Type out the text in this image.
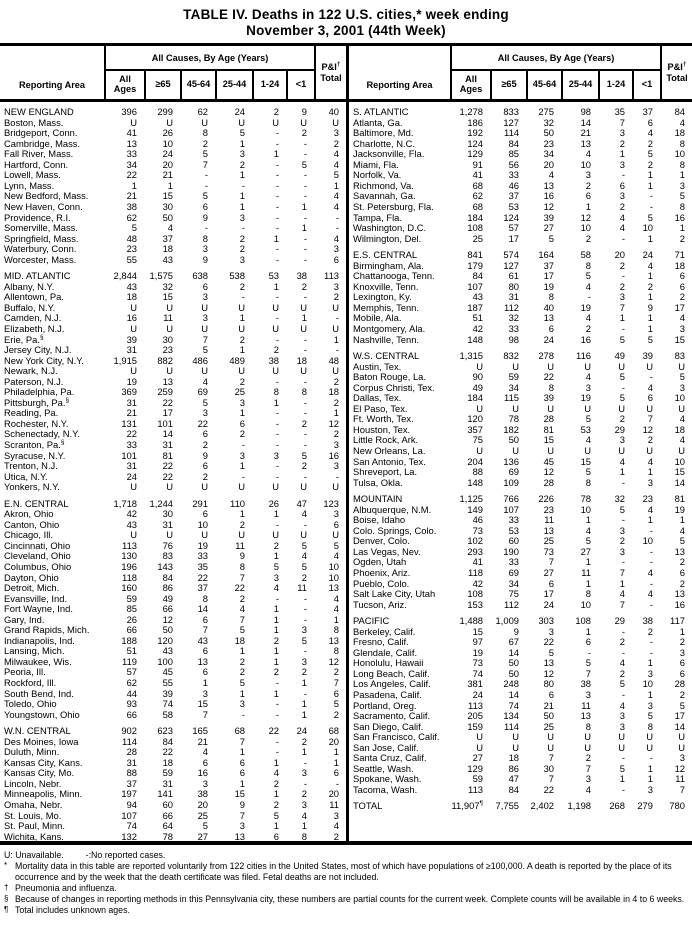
TABLE IV. Deaths in 122 U.S. cities,* week ending
November 3, 2001 (44th Week)
Reporting Area
All Causes, By Age (Years)
All Ages	≥65	45-64	25-44	1-24	<1
P&I†
Total
NEW ENGLAND	396	299	62	24	2	9	40
Boston, Mass.	U	U	U	U	U	U	U
Bridgeport, Conn.	41	26	8	5	-	2	3
Cambridge, Mass.	13	10	2	1	-	-	2
Fall River, Mass.	33	24	5	3	1	-	4
Hartford, Conn.	34	20	7	2	-	5	4
Lowell, Mass.	22	21	-	1	-	-	5
Lynn, Mass.	1	1	-	-	-	-	1
New Bedford, Mass.	21	15	5	1	-	-	4
New Haven, Conn.	38	30	6	1	-	1	4
Providence, R.I.	62	50	9	3	-	-	-
Somerville, Mass.	5	4	-	-	-	1	-
Springfield, Mass.	48	37	8	2	1	-	4
Waterbury, Conn.	23	18	3	2	-	-	3
Worcester, Mass.	55	43	9	3	-	-	6
MID. ATLANTIC	2,844	1,575	638	538	53	38	113
Albany, N.Y.	43	32	6	2	1	2	3
Allentown, Pa.	18	15	3	-	-	-	2
Buffalo, N.Y.	U	U	U	U	U	U	U
Camden, N.J.	16	11	3	1	-	1	-
Elizabeth, N.J.	U	U	U	U	U	U	U
Erie, Pa.§	39	30	7	2	-	-	1
Jersey City, N.J.	31	23	5	1	2	-	-
New York City, N.Y.	1,915	882	486	489	38	18	48
Newark, N.J.	U	U	U	U	U	U	U
Paterson, N.J.	19	13	4	2	-	-	2
Philadelphia, Pa.	369	259	69	25	8	8	18
Pittsburgh, Pa.§	31	22	5	3	1	-	2
Reading, Pa.	21	17	3	1	-	-	1
Rochester, N.Y.	131	101	22	6	-	2	12
Schenectady, N.Y.	22	14	6	2	-	-	2
Scranton, Pa.§	33	31	2	-	-	-	3
Syracuse, N.Y.	101	81	9	3	3	5	16
Trenton, N.J.	31	22	6	1	-	2	3
Utica, N.Y.	24	22	2	-	-	-	-
Yonkers, N.Y.	U	U	U	U	U	U	U
E.N. CENTRAL	1,718	1,244	291	110	26	47	123
Akron, Ohio	42	30	6	1	1	4	3
Canton, Ohio	43	31	10	2	-	-	6
Chicago, Ill.	U	U	U	U	U	U	U
Cincinnati, Ohio	113	76	19	11	2	5	5
Cleveland, Ohio	130	83	33	9	1	4	4
Columbus, Ohio	196	143	35	8	5	5	10
Dayton, Ohio	118	84	22	7	3	2	10
Detroit, Mich.	160	86	37	22	4	11	13
Evansville, Ind.	59	49	8	2	-	-	4
Fort Wayne, Ind.	85	66	14	4	1	-	4
Gary, Ind.	26	12	6	7	1	-	1
Grand Rapids, Mich.	66	50	7	5	1	3	8
Indianapolis, Ind.	188	120	43	18	2	5	13
Lansing, Mich.	51	43	6	1	1	-	8
Milwaukee, Wis.	119	100	13	2	1	3	12
Peoria, Ill.	57	45	6	2	2	2	2
Rockford, Ill.	62	55	1	5	-	1	7
South Bend, Ind.	44	39	3	1	1	-	6
Toledo, Ohio	93	74	15	3	-	1	5
Youngstown, Ohio	66	58	7	-	-	1	2
W.N. CENTRAL	902	623	165	68	22	24	68
Des Moines, Iowa	114	84	21	7	-	2	20
Duluth, Minn.	28	22	4	1	-	1	1
Kansas City, Kans.	31	18	6	6	1	-	1
Kansas City, Mo.	88	59	16	6	4	3	6
Lincoln, Nebr.	37	31	3	1	2	-	-
Minneapolis, Minn.	197	141	38	15	1	2	20
Omaha, Nebr.	94	60	20	9	2	3	11
St. Louis, Mo.	107	66	25	7	5	4	3
St. Paul, Minn.	74	64	5	3	1	1	4
Wichita, Kans.	132	78	27	13	6	8	2
Reporting Area
All Causes, By Age (Years)
All Ages	≥65	45-64	25-44	1-24	<1
P&I†
Total
S. ATLANTIC	1,278	833	275	98	35	37	84
Atlanta, Ga.	186	127	32	14	7	6	4
Baltimore, Md.	192	114	50	21	3	4	18
Charlotte, N.C.	124	84	23	13	2	2	8
Jacksonville, Fla.	129	85	34	4	1	5	10
Miami, Fla.	91	56	20	10	3	2	8
Norfolk, Va.	41	33	4	3	-	1	1
Richmond, Va.	68	46	13	2	6	1	3
Savannah, Ga.	62	37	16	6	3	-	5
St. Petersburg, Fla.	68	53	12	1	2	-	8
Tampa, Fla.	184	124	39	12	4	5	16
Washington, D.C.	108	57	27	10	4	10	1
Wilmington, Del.	25	17	5	2	-	1	2
E.S. CENTRAL	841	574	164	58	20	24	71
Birmingham, Ala.	179	127	37	8	2	4	18
Chattanooga, Tenn.	84	61	17	5	-	1	6
Knoxville, Tenn.	107	80	19	4	2	2	6
Lexington, Ky.	43	31	8	-	3	1	2
Memphis, Tenn.	187	112	40	19	7	9	17
Mobile, Ala.	51	32	13	4	1	1	4
Montgomery, Ala.	42	33	6	2	-	1	3
Nashville, Tenn.	148	98	24	16	5	5	15
W.S. CENTRAL	1,315	832	278	116	49	39	83
Austin, Tex.	U	U	U	U	U	U	U
Baton Rouge, La.	90	59	22	4	5	-	5
Corpus Christi, Tex.	49	34	8	3	-	4	3
Dallas, Tex.	184	115	39	19	5	6	10
El Paso, Tex.	U	U	U	U	U	U	U
Ft. Worth, Tex.	120	78	28	5	2	7	4
Houston, Tex.	357	182	81	53	29	12	18
Little Rock, Ark.	75	50	15	4	3	2	4
New Orleans, La.	U	U	U	U	U	U	U
San Antonio, Tex.	204	136	45	15	4	4	10
Shreveport, La.	88	69	12	5	1	1	15
Tulsa, Okla.	148	109	28	8	-	3	14
MOUNTAIN	1,125	766	226	78	32	23	81
Albuquerque, N.M.	149	107	23	10	5	4	19
Boise, Idaho	46	33	11	1	-	1	1
Colo. Springs, Colo.	73	53	13	4	3	-	4
Denver, Colo.	102	60	25	5	2	10	5
Las Vegas, Nev.	293	190	73	27	3	-	13
Ogden, Utah	41	33	7	1	-	-	2
Phoenix, Ariz.	118	69	27	11	7	4	6
Pueblo, Colo.	42	34	6	1	1	-	2
Salt Lake City, Utah	108	75	17	8	4	4	13
Tucson, Ariz.	153	112	24	10	7	-	16
PACIFIC	1,488	1,009	303	108	29	38	117
Berkeley, Calif.	15	9	3	1	-	2	1
Fresno, Calif.	97	67	22	6	2	-	2
Glendale, Calif.	19	14	5	-	-	-	3
Honolulu, Hawaii	73	50	13	5	4	1	6
Long Beach, Calif.	74	50	12	7	2	3	6
Los Angeles, Calif.	381	248	80	38	5	10	28
Pasadena, Calif.	24	14	6	3	-	1	2
Portland, Oreg.	113	74	21	11	4	3	5
Sacramento, Calif.	205	134	50	13	3	5	17
San Diego, Calif.	159	114	25	8	3	8	14
San Francisco, Calif.	U	U	U	U	U	U	U
San Jose, Calif.	U	U	U	U	U	U	U
Santa Cruz, Calif.	27	18	7	2	-	-	3
Seattle, Wash.	129	86	30	7	5	1	12
Spokane, Wash.	59	47	7	3	1	1	11
Tacoma, Wash.	113	84	22	4	-	3	7
TOTAL	11,907¶	7,755	2,402	1,198	268	279	780
U: Unavailable.	-:No reported cases.
* Mortality data in this table are reported voluntarily from 122 cities in the United States, most of which have populations of ≥100,000. A death is reported by the place of its occurrence and by the week that the death certificate was filed. Fetal deaths are not included.
† Pneumonia and influenza.
§ Because of changes in reporting methods in this Pennsylvania city, these numbers are partial counts for the current week. Complete counts will be available in 4 to 6 weeks.
¶ Total includes unknown ages.
